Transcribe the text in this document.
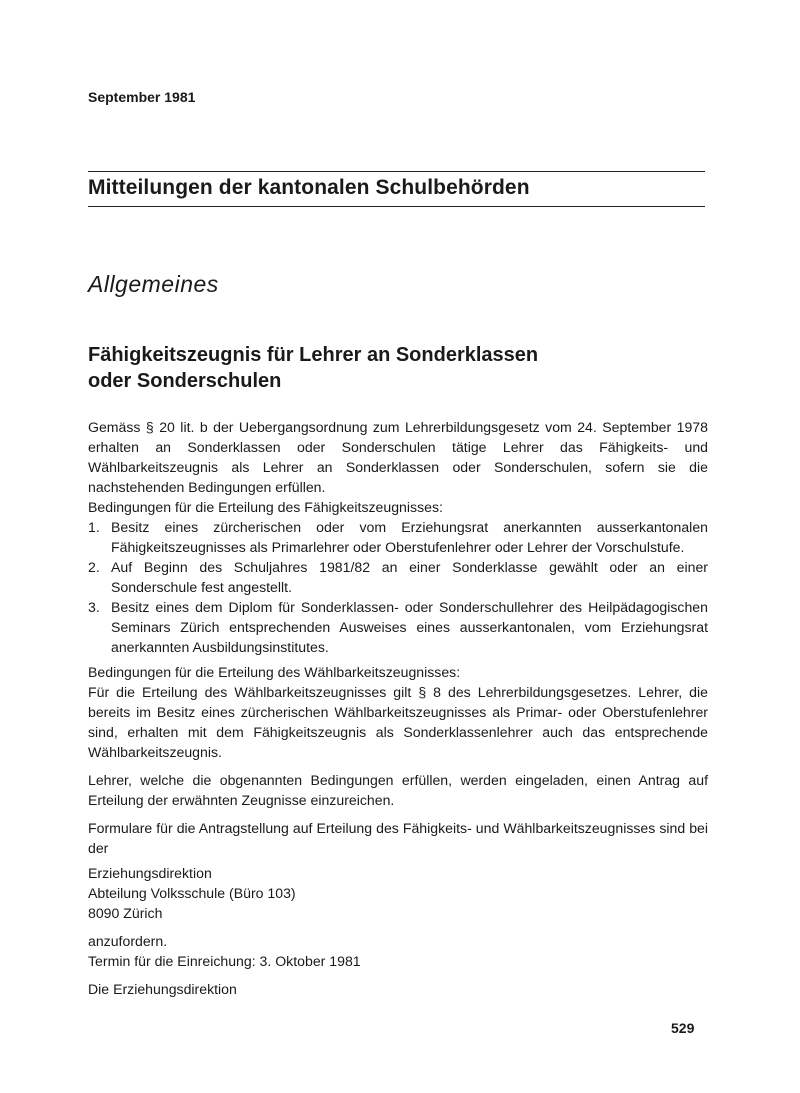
September 1981
Mitteilungen der kantonalen Schulbehörden
Allgemeines
Fähigkeitszeugnis für Lehrer an Sonderklassen
oder Sonderschulen

Gemäss § 20 lit. b der Uebergangsordnung zum Lehrerbildungsgesetz vom 24. September 1978 erhalten an Sonderklassen oder Sonderschulen tätige Lehrer das Fähigkeits- und Wählbarkeitszeugnis als Lehrer an Sonderklassen oder Sonderschulen, sofern sie die nachstehenden Bedingungen erfüllen.

Bedingungen für die Erteilung des Fähigkeitszeugnisses:

1. Besitz eines zürcherischen oder vom Erziehungsrat anerkannten ausserkantonalen Fähigkeitszeugnisses als Primarlehrer oder Oberstufenlehrer oder Lehrer der Vorschulstufe.
2. Auf Beginn des Schuljahres 1981/82 an einer Sonderklasse gewählt oder an einer Sonderschule fest angestellt.
3. Besitz eines dem Diplom für Sonderklassen- oder Sonderschullehrer des Heilpädagogischen Seminars Zürich entsprechenden Ausweises eines ausserkantonalen, vom Erziehungsrat anerkannten Ausbildungsinstitutes.

Bedingungen für die Erteilung des Wählbarkeitszeugnisses:

Für die Erteilung des Wählbarkeitszeugnisses gilt § 8 des Lehrerbildungsgesetzes. Lehrer, die bereits im Besitz eines zürcherischen Wählbarkeitszeugnisses als Primar- oder Oberstufenlehrer sind, erhalten mit dem Fähigkeitszeugnis als Sonderklassenlehrer auch das entsprechende Wählbarkeitszeugnis.

Lehrer, welche die obgenannten Bedingungen erfüllen, werden eingeladen, einen Antrag auf Erteilung der erwähnten Zeugnisse einzureichen.

Formulare für die Antragstellung auf Erteilung des Fähigkeits- und Wählbarkeitszeugnisses sind bei der

Erziehungsdirektion

Abteilung Volksschule (Büro 103)

8090 Zürich

anzufordern.

Termin für die Einreichung: 3. Oktober 1981

Die Erziehungsdirektion

529
